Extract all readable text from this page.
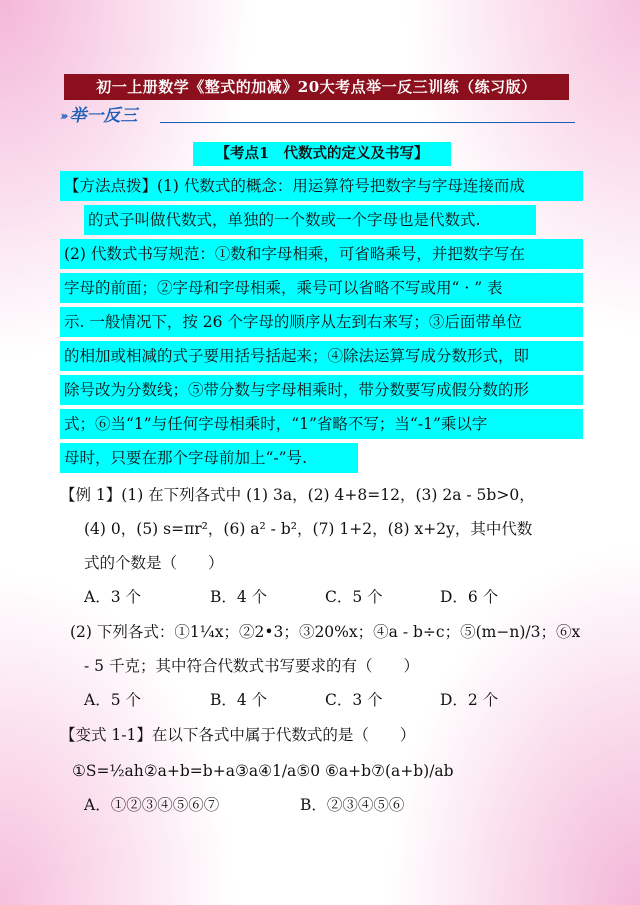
初一上册数学《整式的加减》20大考点举一反三训练（练习版）
››› 举一反三
【考点1　代数式的定义及书写】
【方法点拨】(1) 代数式的概念：用运算符号把数字与字母连接而成
的式子叫做代数式，单独的一个数或一个字母也是代数式.
(2) 代数式书写规范：①数和字母相乘，可省略乘号，并把数字写在
字母的前面；②字母和字母相乘，乘号可以省略不写或用“ · ” 表
示. 一般情况下，按 26 个字母的顺序从左到右来写；③后面带单位
的相加或相减的式子要用括号括起来；④除法运算写成分数形式，即
除号改为分数线；⑤带分数与字母相乘时，带分数要写成假分数的形
式；⑥当“1”与任何字母相乘时，“1”省略不写；当“-1”乘以字
母时，只要在那个字母前加上“-”号.
【例 1】(1) 在下列各式中 (1) 3a，(2) 4+8=12，(3) 2a - 5b>0，
(4) 0，(5) s=πr²，(6) a² - b²，(7) 1+2，(8) x+2y，其中代数
式的个数是（　　）
A．3 个	B．4 个	C．5 个	D．6 个
(2) 下列各式：①1¼x；②2•3；③20%x；④a - b÷c；⑤(m−n)/3；⑥x
- 5 千克；其中符合代数式书写要求的有（　　）
A．5 个	B．4 个	C．3 个	D．2 个
【变式 1-1】在以下各式中属于代数式的是（　　）
①S=½ah②a+b=b+a③a④1/a⑤0 ⑥a+b⑦(a+b)/ab
A．①②③④⑤⑥⑦	B．②③④⑤⑥
